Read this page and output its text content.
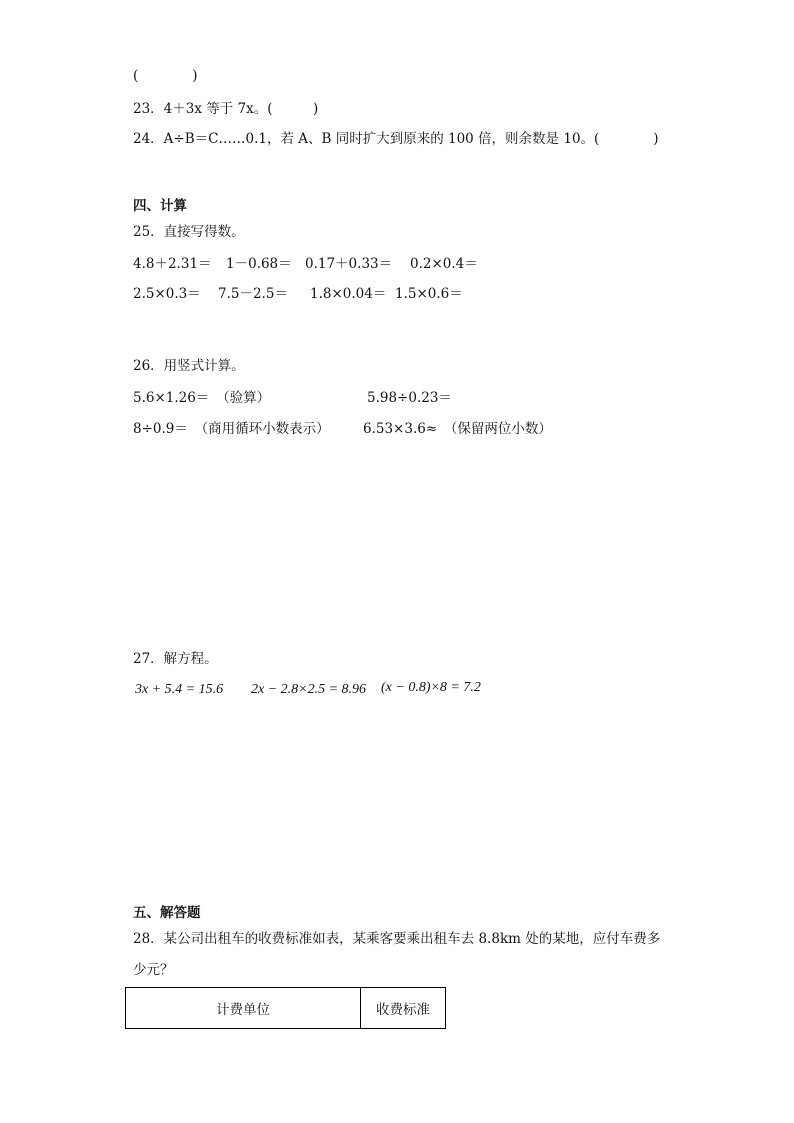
(　　　　)
23．4＋3x 等于 7x。(　　　)
24．A÷B＝C……0.1，若 A、B 同时扩大到原来的 100 倍，则余数是 10。(　　　　)
四、计算
25．直接写得数。
4.8＋2.31＝ 1－0.68＝ 0.17＋0.33＝ 0.2×0.4＝
2.5×0.3＝ 7.5－2.5＝ 1.8×0.04＝ 1.5×0.6＝
26．用竖式计算。
5.6×1.26＝　（验算）	5.98÷0.23＝
8÷0.9＝　（商用循环小数表示） 6.53×3.6≈　（保留两位小数）
27．解方程。
3x + 5.4 = 15.6 2x − 2.8×2.5 = 8.96 (x − 0.8)×8 = 7.2
五、解答题
28．某公司出租车的收费标准如表，某乘客要乘出租车去 8.8km 处的某地，应付车费多
少元？
计费单位	收费标准
